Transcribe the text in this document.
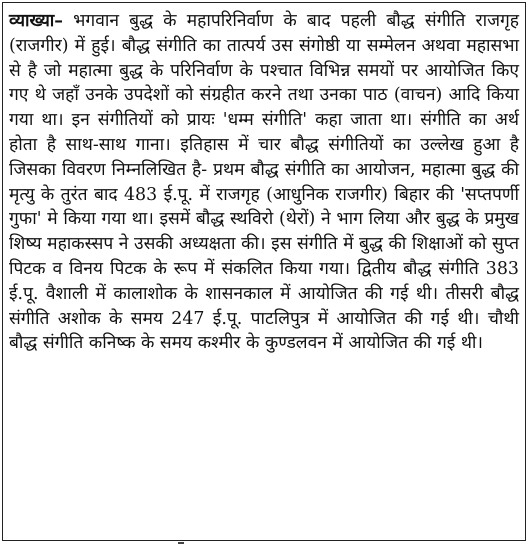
व्याख्या– भगवान बुद्ध के महापरिनिर्वाण के बाद पहली बौद्ध संगीति राजगृह (राजगीर) में हुई। बौद्ध संगीति का तात्पर्य उस संगोष्ठी या सम्मेलन अथवा महासभा से है जो महात्मा बुद्ध के परिनिर्वाण के पश्चात विभिन्न समयों पर आयोजित किए गए थे जहाँ उनके उपदेशों को संग्रहीत करने तथा उनका पाठ (वाचन) आदि किया गया था। इन संगीतियों को प्रायः 'धम्म संगीति' कहा जाता था। संगीति का अर्थ होता है साथ-साथ गाना। इतिहास में चार बौद्ध संगीतियों का उल्लेख हुआ है जिसका विवरण निम्नलिखित है- प्रथम बौद्ध संगीति का आयोजन, महात्मा बुद्ध की मृत्यु के तुरंत बाद 483 ई.पू. में राजगृह (आधुनिक राजगीर) बिहार की 'सप्तपर्णी गुफा' मे किया गया था। इसमें बौद्ध स्थविरो (थेरों) ने भाग लिया और बुद्ध के प्रमुख शिष्य महाकस्सप ने उसकी अध्यक्षता की। इस संगीति में बुद्ध की शिक्षाओं को सुप्त पिटक व विनय पिटक के रूप में संकलित किया गया। द्वितीय बौद्ध संगीति 383 ई.पू. वैशाली में कालाशोक के शासनकाल में आयोजित की गई थी। तीसरी बौद्ध संगीति अशोक के समय 247 ई.पू. पाटलिपुत्र में आयोजित की गई थी। चौथी बौद्ध संगीति कनिष्क के समय कश्मीर के कुण्डलवन में आयोजित की गई थी।
